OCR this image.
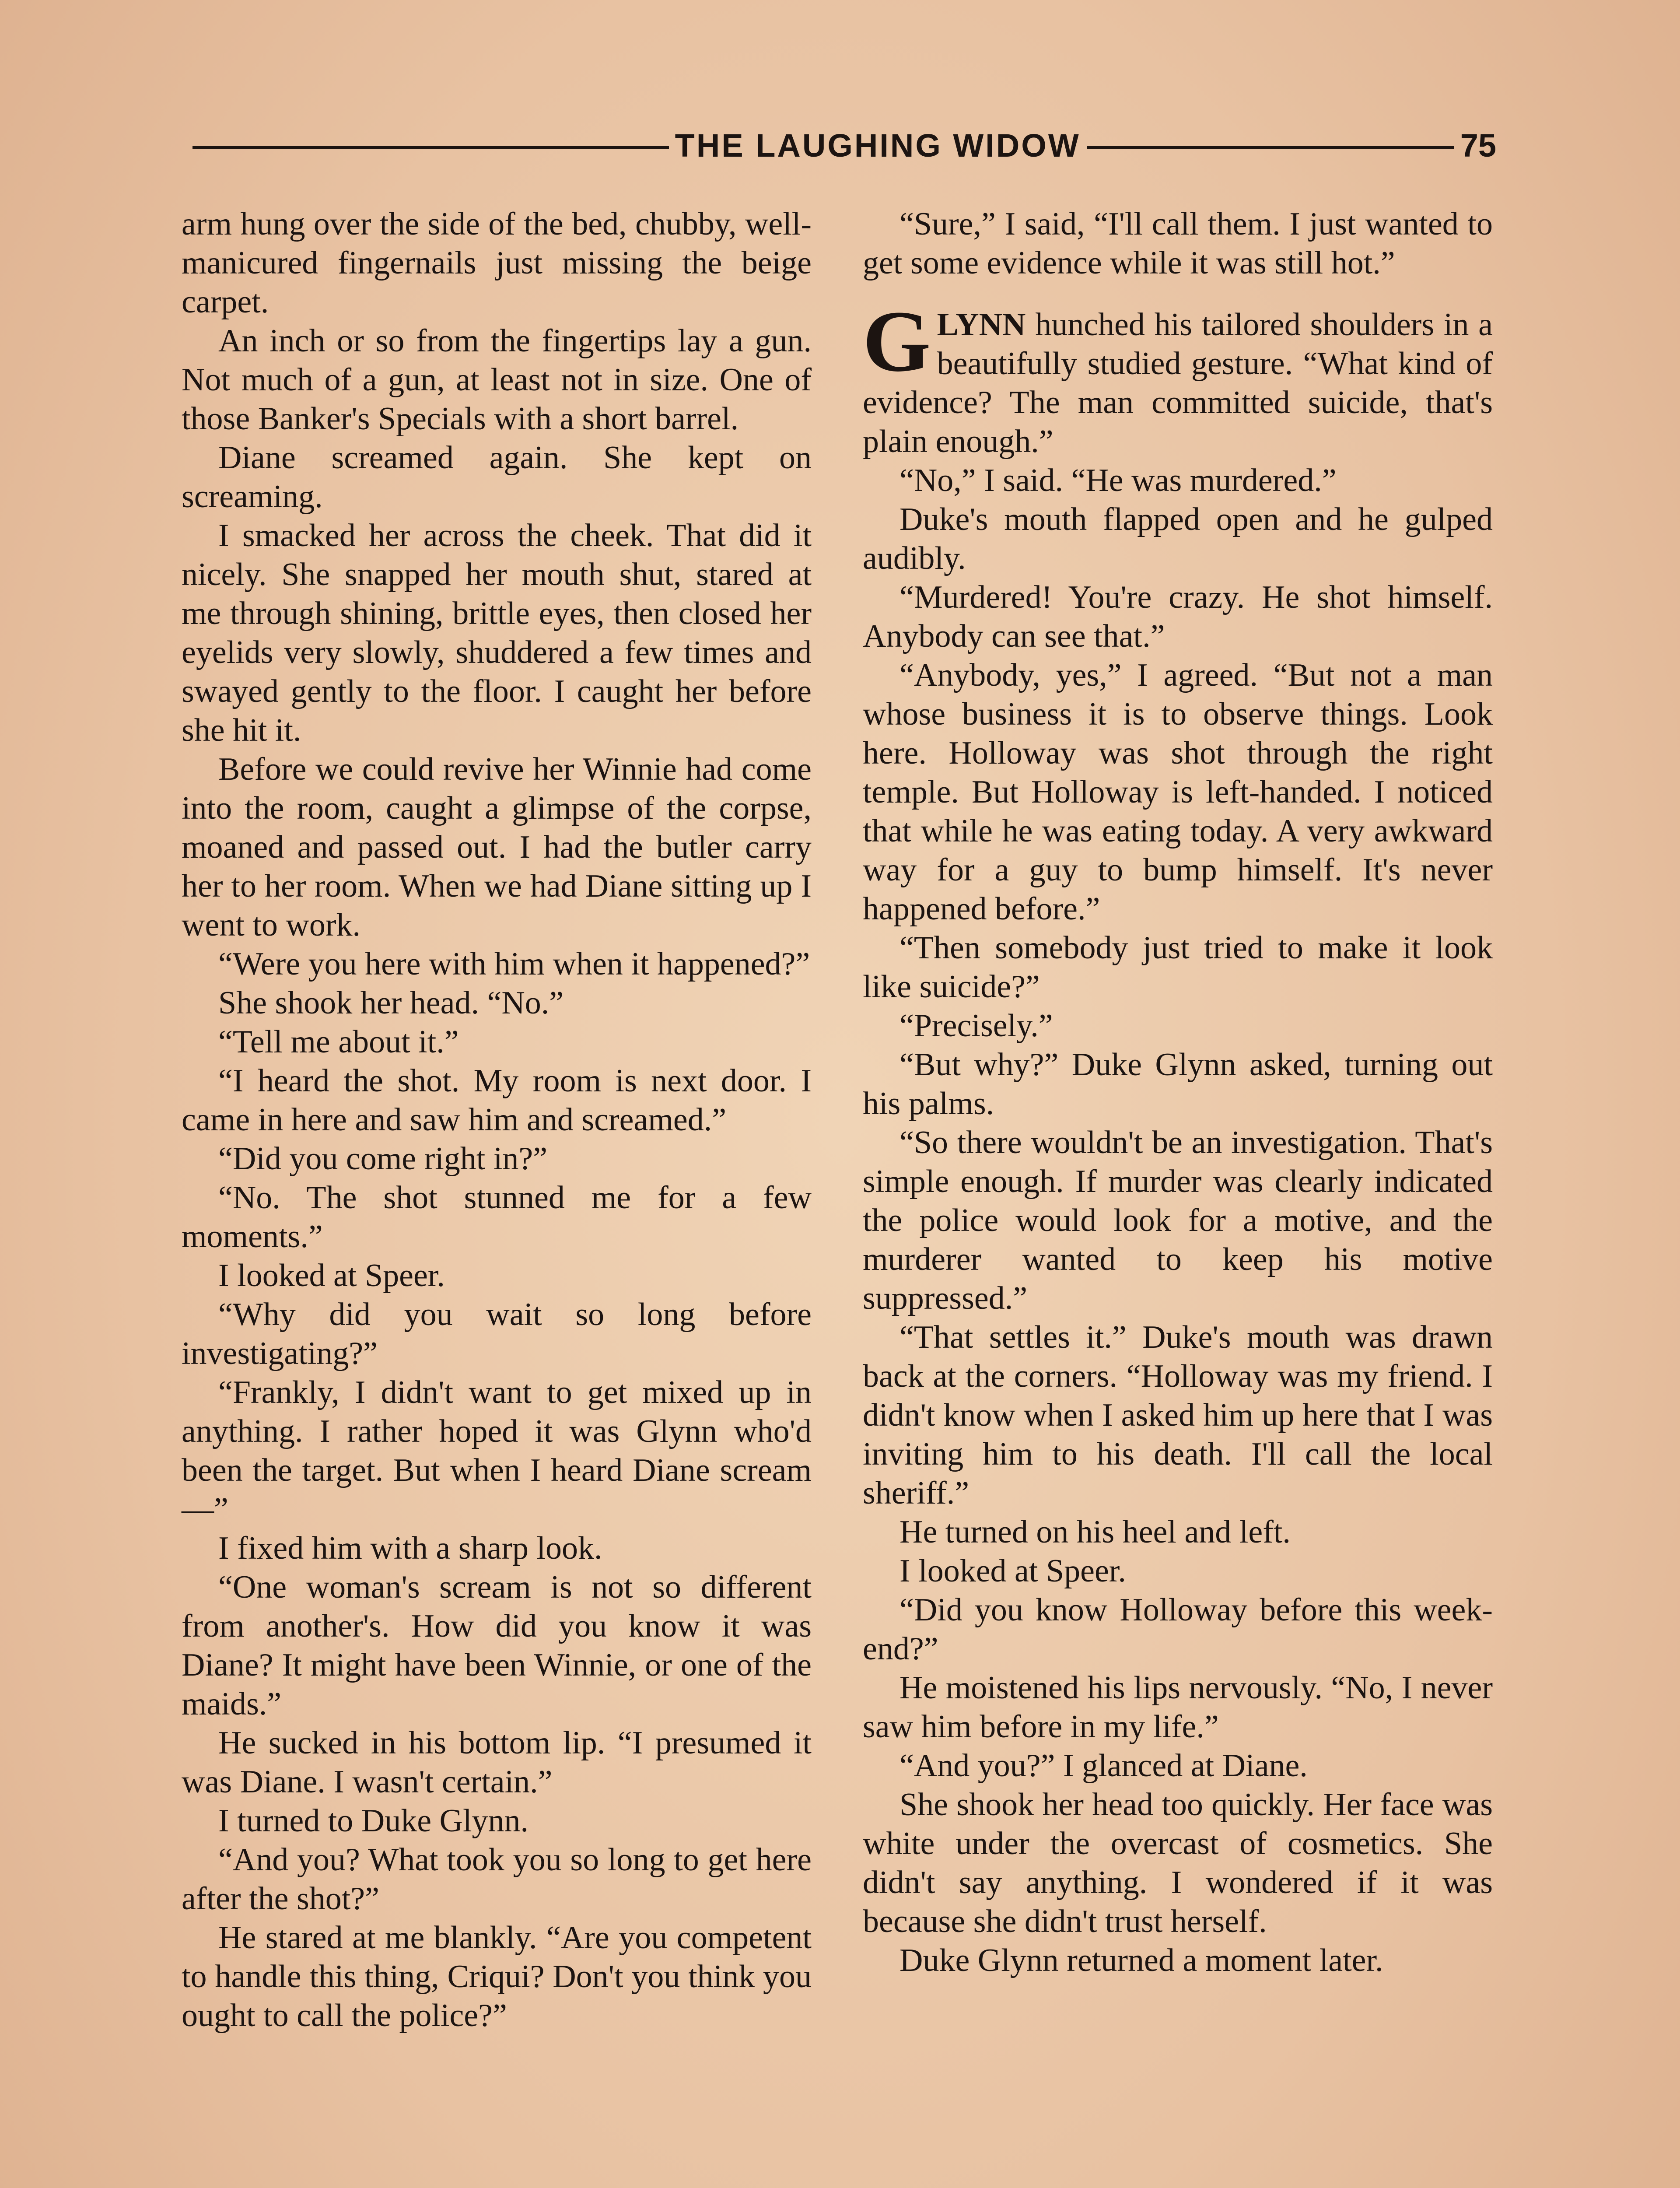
THE LAUGHING WIDOW	75

arm hung over the side of the bed, chubby, well-manicured fingernails just missing the beige carpet.

An inch or so from the fingertips lay a gun. Not much of a gun, at least not in size. One of those Banker's Specials with a short barrel.

Diane screamed again. She kept on screaming.

I smacked her across the cheek. That did it nicely. She snapped her mouth shut, stared at me through shining, brittle eyes, then closed her eyelids very slowly, shuddered a few times and swayed gently to the floor. I caught her before she hit it.

Before we could revive her Winnie had come into the room, caught a glimpse of the corpse, moaned and passed out. I had the butler carry her to her room. When we had Diane sitting up I went to work.

“Were you here with him when it happened?”

She shook her head. “No.”

“Tell me about it.”

“I heard the shot. My room is next door. I came in here and saw him and screamed.”

“Did you come right in?”

“No. The shot stunned me for a few moments.”

I looked at Speer.

“Why did you wait so long before investigating?”

“Frankly, I didn't want to get mixed up in anything. I rather hoped it was Glynn who'd been the target. But when I heard Diane scream—”

I fixed him with a sharp look.

“One woman's scream is not so different from another's. How did you know it was Diane? It might have been Winnie, or one of the maids.”

He sucked in his bottom lip. “I presumed it was Diane. I wasn't certain.”

I turned to Duke Glynn.

“And you? What took you so long to get here after the shot?”

He stared at me blankly. “Are you competent to handle this thing, Criqui? Don't you think you ought to call the police?”

“Sure,” I said, “I'll call them. I just wanted to get some evidence while it was still hot.”

GLYNN hunched his tailored shoulders in a beautifully studied gesture. “What kind of evidence? The man committed suicide, that's plain enough.”

“No,” I said. “He was murdered.”

Duke's mouth flapped open and he gulped audibly.

“Murdered! You're crazy. He shot himself. Anybody can see that.”

“Anybody, yes,” I agreed. “But not a man whose business it is to observe things. Look here. Holloway was shot through the right temple. But Holloway is left-handed. I noticed that while he was eating today. A very awkward way for a guy to bump himself. It's never happened before.”

“Then somebody just tried to make it look like suicide?”

“Precisely.”

“But why?” Duke Glynn asked, turning out his palms.

“So there wouldn't be an investigation. That's simple enough. If murder was clearly indicated the police would look for a motive, and the murderer wanted to keep his motive suppressed.”

“That settles it.” Duke's mouth was drawn back at the corners. “Holloway was my friend. I didn't know when I asked him up here that I was inviting him to his death. I'll call the local sheriff.”

He turned on his heel and left.

I looked at Speer.

“Did you know Holloway before this week-end?”

He moistened his lips nervously. “No, I never saw him before in my life.”

“And you?” I glanced at Diane.

She shook her head too quickly. Her face was white under the overcast of cosmetics. She didn't say anything. I wondered if it was because she didn't trust herself.

Duke Glynn returned a moment later.
